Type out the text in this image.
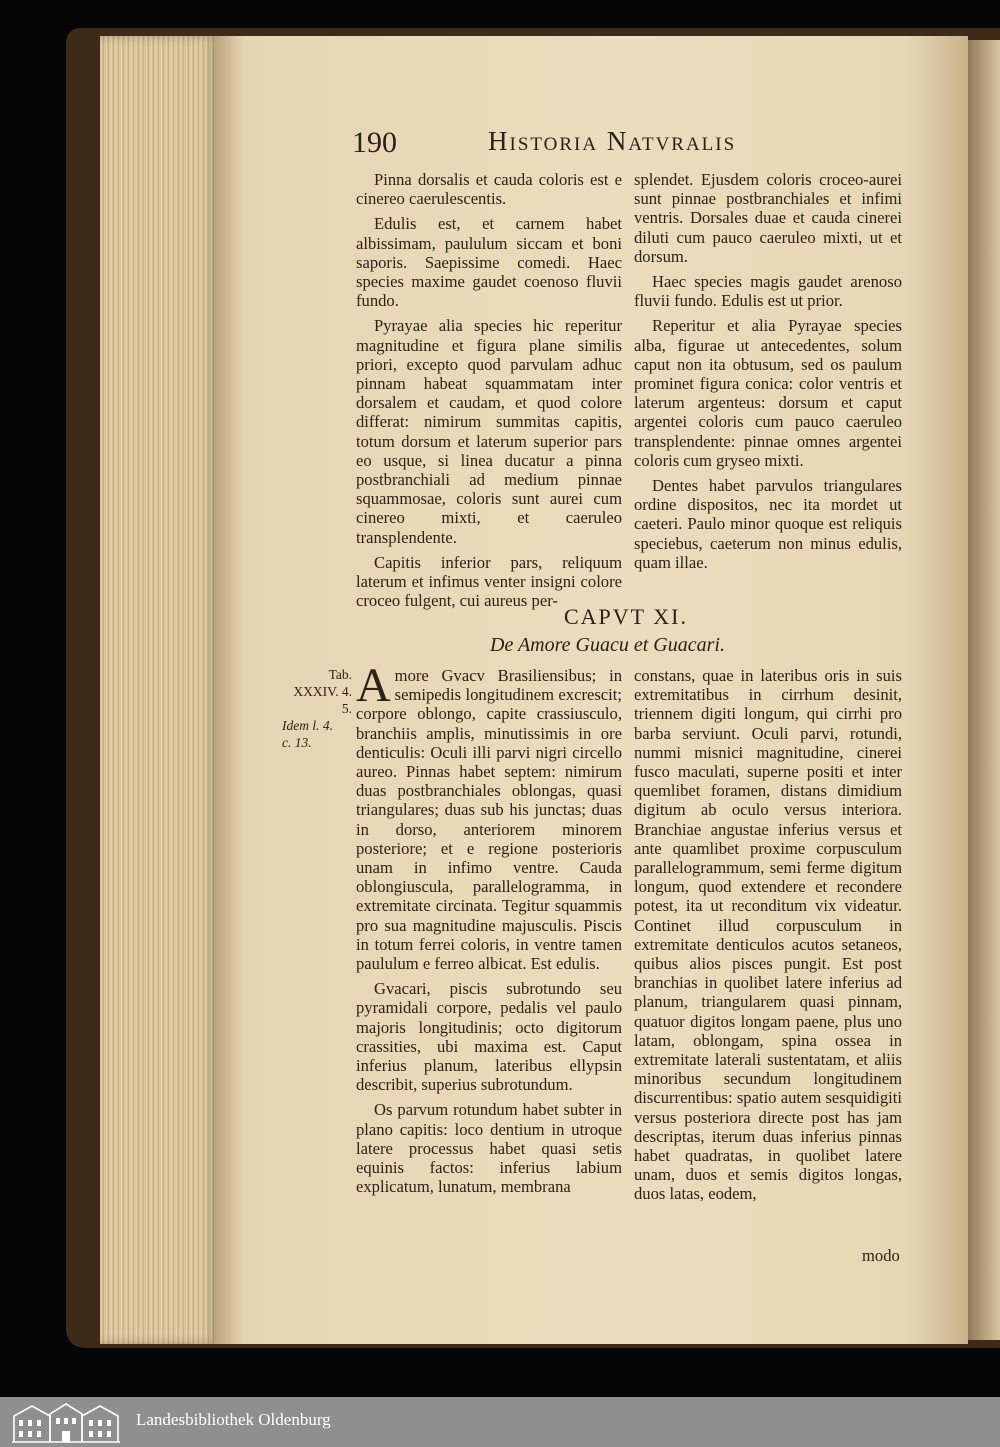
190	Historia Natvralis

Pinna dorsalis et cauda coloris est e cinereo caerulescentis.

Edulis est, et carnem habet albissimam, paululum siccam et boni saporis. Saepissime comedi. Haec species maxime gaudet coenoso fluvii fundo.

Pyrayae alia species hic reperitur magnitudine et figura plane similis priori, excepto quod parvulam adhuc pinnam habeat squammatam inter dorsalem et caudam, et quod colore differat: nimirum summitas capitis, totum dorsum et laterum superior pars eo usque, si linea ducatur a pinna postbranchiali ad medium pinnae squammosae, coloris sunt aurei cum cinereo mixti, et caeruleo transplendente.

Capitis inferior pars, reliquum laterum et infimus venter insigni colore croceo fulgent, cui aureus per-

splendet. Ejusdem coloris croceo-aurei sunt pinnae postbranchiales et infimi ventris. Dorsales duae et cauda cinerei diluti cum pauco caeruleo mixti, ut et dorsum.

Haec species magis gaudet arenoso fluvii fundo. Edulis est ut prior.

Reperitur et alia Pyrayae species alba, figurae ut antecedentes, solum caput non ita obtusum, sed os paulum prominet figura conica: color ventris et laterum argenteus: dorsum et caput argentei coloris cum pauco caeruleo transplendente: pinnae omnes argentei coloris cum gryseo mixti.

Dentes habet parvulos triangulares ordine dispositos, nec ita mordet ut caeteri. Paulo minor quoque est reliquis speciebus, caeterum non minus edulis, quam illae.

CAPVT XI.
De Amore Guacu et Guacari.
Tab.
XXXIV. 4.
5.
Idem l. 4.
c. 13.

Amore Gvacv Brasiliensibus; in semipedis longitudinem excrescit; corpore oblongo, capite crassiusculo, branchiis amplis, minutissimis in ore denticulis: Oculi illi parvi nigri circello aureo. Pinnas habet septem: nimirum duas postbranchiales oblongas, quasi triangulares; duas sub his junctas; duas in dorso, anteriorem minorem posteriore; et e regione posterioris unam in infimo ventre. Cauda oblongiuscula, parallelogramma, in extremitate circinata. Tegitur squammis pro sua magnitudine majusculis. Piscis in totum ferrei coloris, in ventre tamen paululum e ferreo albicat. Est edulis.

Gvacari, piscis subrotundo seu pyramidali corpore, pedalis vel paulo majoris longitudinis; octo digitorum crassities, ubi maxima est. Caput inferius planum, lateribus ellypsin describit, superius subrotundum.

Os parvum rotundum habet subter in plano capitis: loco dentium in utroque latere processus habet quasi setis equinis factos: inferius labium explicatum, lunatum, membrana

constans, quae in lateribus oris in suis extremitatibus in cirrhum desinit, triennem digiti longum, qui cirrhi pro barba serviunt. Oculi parvi, rotundi, nummi misnici magnitudine, cinerei fusco maculati, superne positi et inter quemlibet foramen, distans dimidium digitum ab oculo versus interiora. Branchiae angustae inferius versus et ante quamlibet proxime corpusculum parallelogrammum, semi ferme digitum longum, quod extendere et recondere potest, ita ut reconditum vix videatur. Continet illud corpusculum in extremitate denticulos acutos setaneos, quibus alios pisces pungit. Est post branchias in quolibet latere inferius ad planum, triangularem quasi pinnam, quatuor digitos longam paene, plus uno latam, oblongam, spina ossea in extremitate laterali sustentatam, et aliis minoribus secundum longitudinem discurrentibus: spatio autem sesquidigiti versus posteriora directe post has jam descriptas, iterum duas inferius pinnas habet quadratas, in quolibet latere unam, duos et semis digitos longas, duos latas, eodem,

modo
Landesbibliothek Oldenburg
